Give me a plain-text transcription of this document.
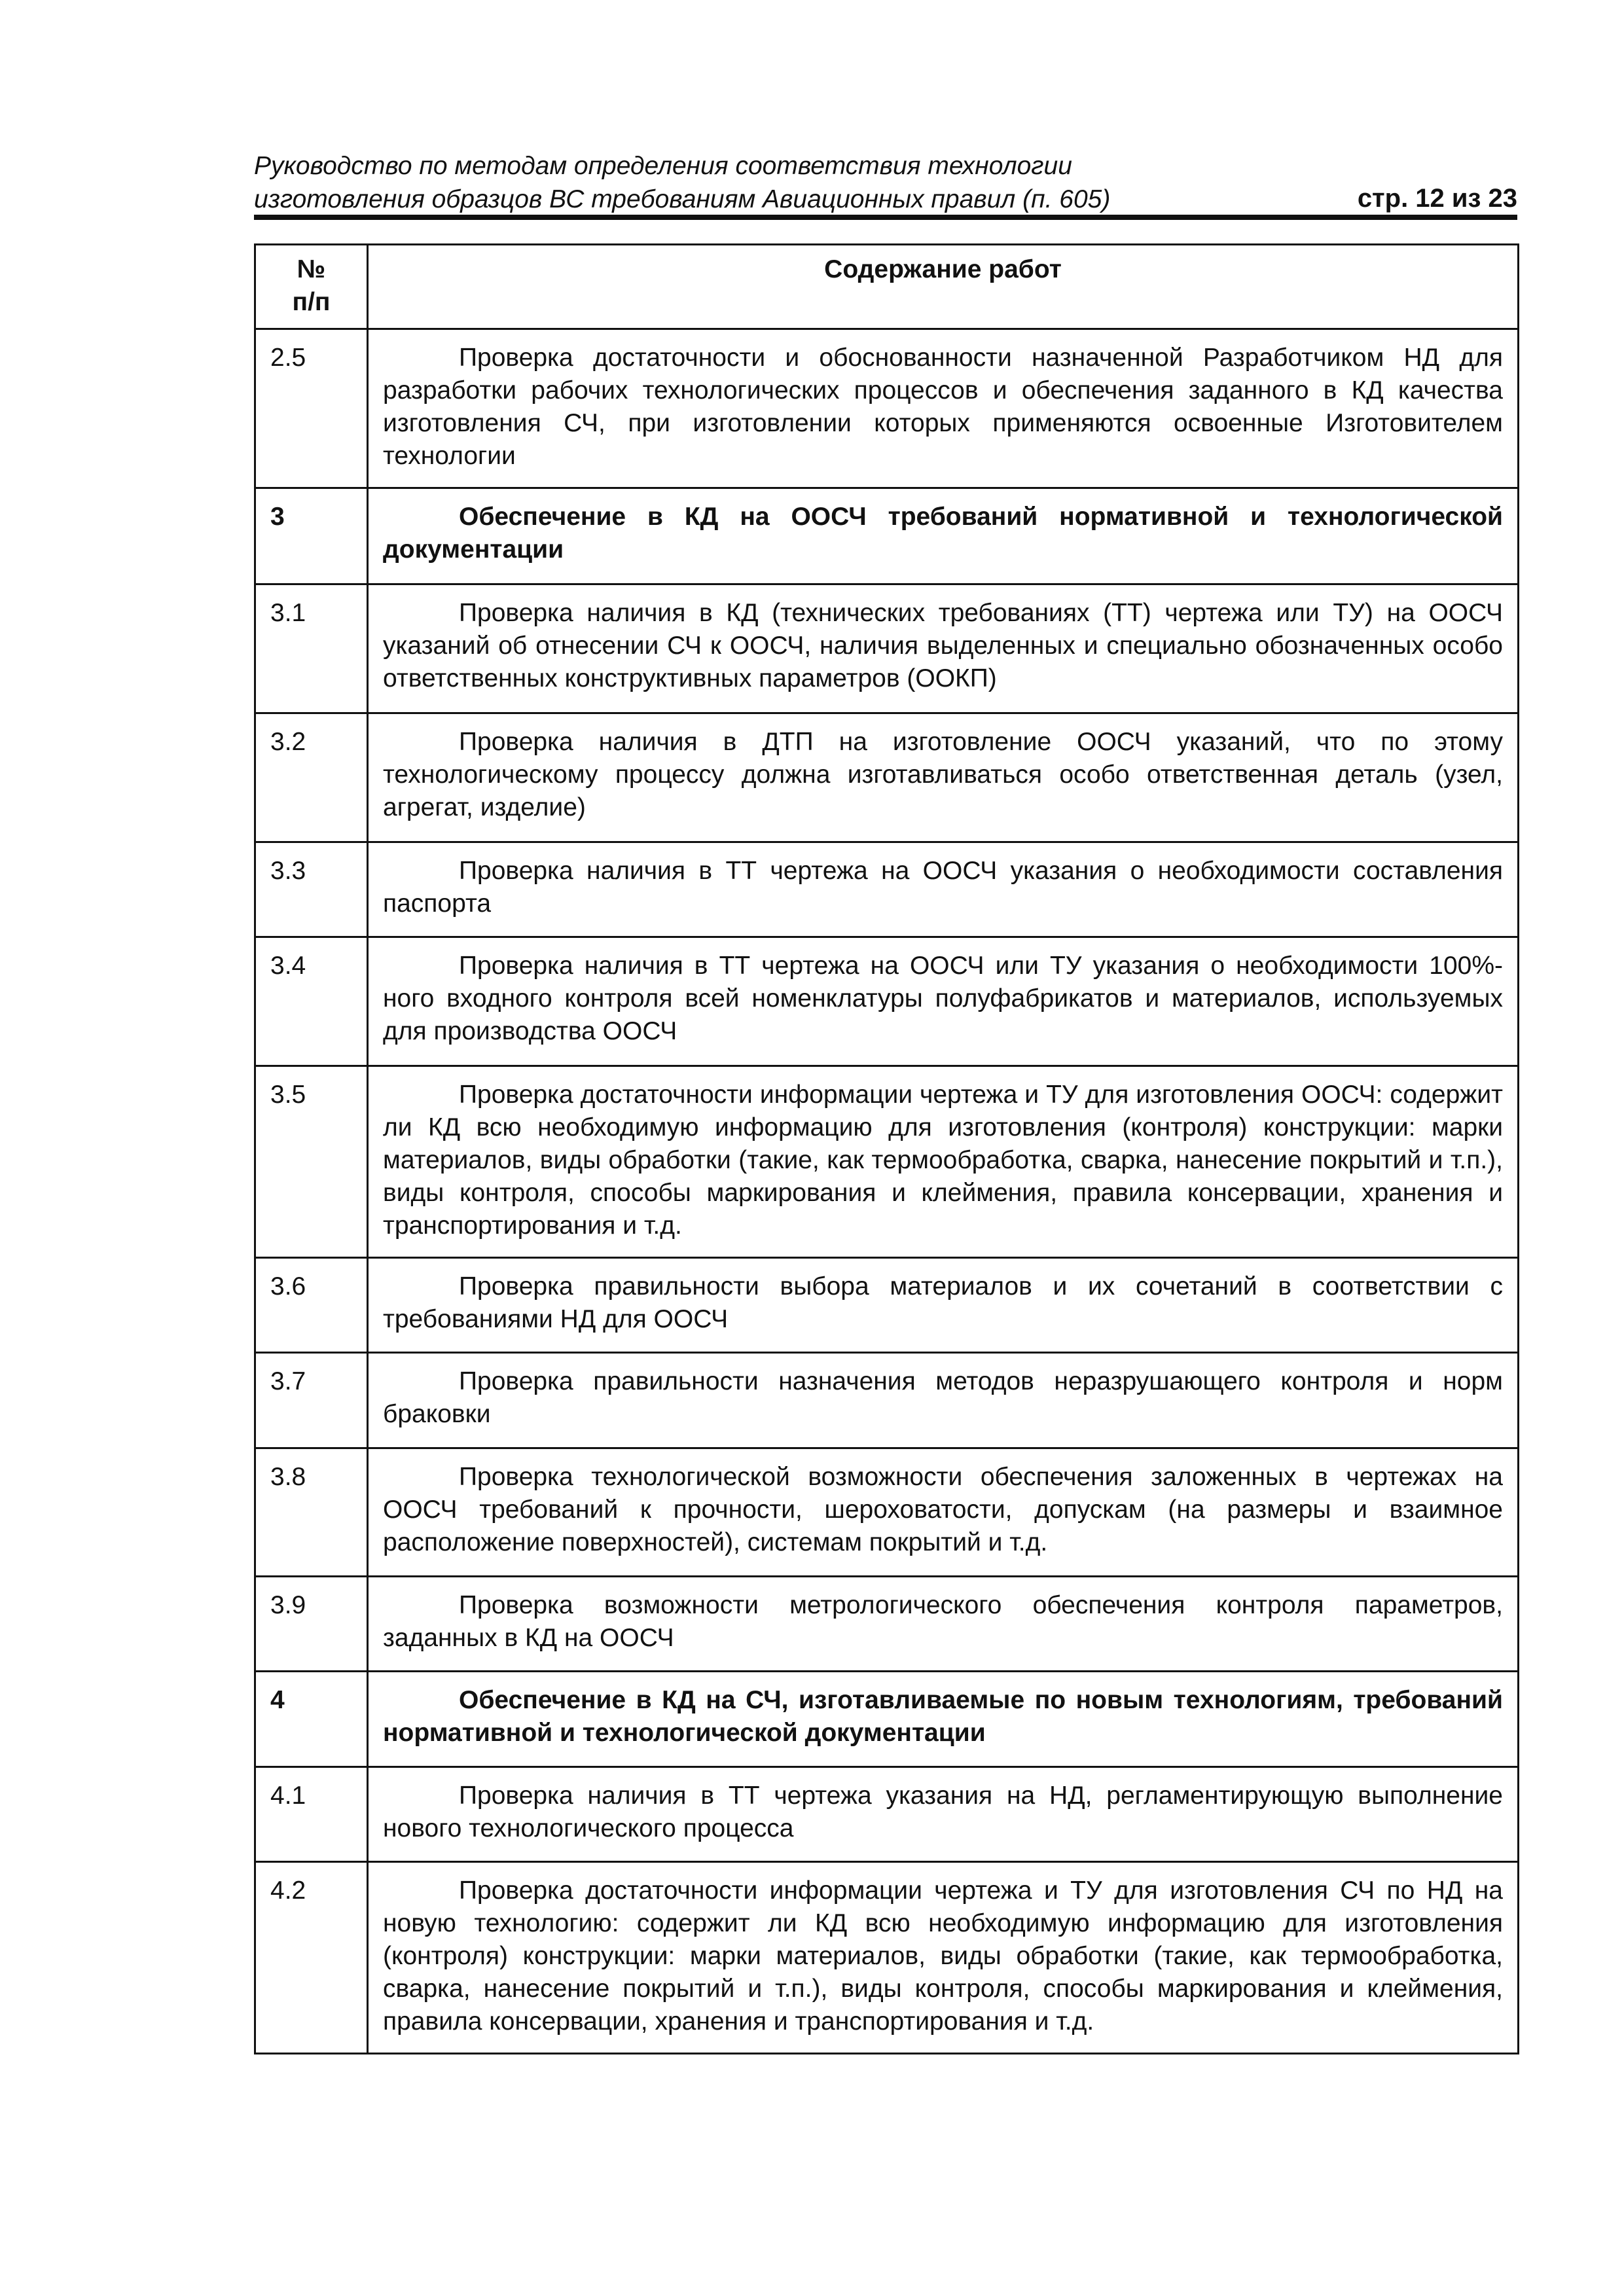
Руководство по методам определения соответствия технологии
изготовления образцов ВС требованиям Авиационных правил (п. 605)	стр. 12 из 23
№
п/п	Содержание работ
2.5	Проверка достаточности и обоснованности назначенной Разработчиком НД для разработки рабочих технологических процессов и обеспечения заданного в КД качества изготовления СЧ, при изготовлении которых применяются освоенные Изготовителем технологии
3	Обеспечение в КД на ООСЧ требований нормативной и технологической документации
3.1	Проверка наличия в КД (технических требованиях (ТТ) чертежа или ТУ) на ООСЧ указаний об отнесении СЧ к ООСЧ, наличия выделенных и специально обозначенных особо ответственных конструктивных параметров (ООКП)
3.2	Проверка наличия в ДТП на изготовление ООСЧ указаний, что по этому технологическому процессу должна изготавливаться особо ответственная деталь (узел, агрегат, изделие)
3.3	Проверка наличия в ТТ чертежа на ООСЧ указания о необходимости составления паспорта
3.4	Проверка наличия в ТТ чертежа на ООСЧ или ТУ указания о необходимости 100%-ного входного контроля всей номенклатуры полуфабрикатов и материалов, используемых для производства ООСЧ
3.5	Проверка достаточности информации чертежа и ТУ для изготовления ООСЧ: содержит ли КД всю необходимую информацию для изготовления (контроля) конструкции: марки материалов, виды обработки (такие, как термообработка, сварка, нанесение покрытий и т.п.), виды контроля, способы маркирования и клеймения, правила консервации, хранения и транспортирования и т.д.
3.6	Проверка правильности выбора материалов и их сочетаний в соответствии с требованиями НД для ООСЧ
3.7	Проверка правильности назначения методов неразрушающего контроля и норм браковки
3.8	Проверка технологической возможности обеспечения заложенных в чертежах на ООСЧ требований к прочности, шероховатости, допускам (на размеры и взаимное расположение поверхностей), системам покрытий и т.д.
3.9	Проверка возможности метрологического обеспечения контроля параметров, заданных в КД на ООСЧ
4	Обеспечение в КД на СЧ, изготавливаемые по новым технологиям, требований нормативной и технологической документации
4.1	Проверка наличия в ТТ чертежа указания на НД, регламентирующую выполнение нового технологического процесса
4.2	Проверка достаточности информации чертежа и ТУ для изготовления СЧ по НД на новую технологию: содержит ли КД всю необходимую информацию для изготовления (контроля) конструкции: марки материалов, виды обработки (такие, как термообработка, сварка, нанесение покрытий и т.п.), виды контроля, способы маркирования и клеймения, правила консервации, хранения и транспортирования и т.д.
